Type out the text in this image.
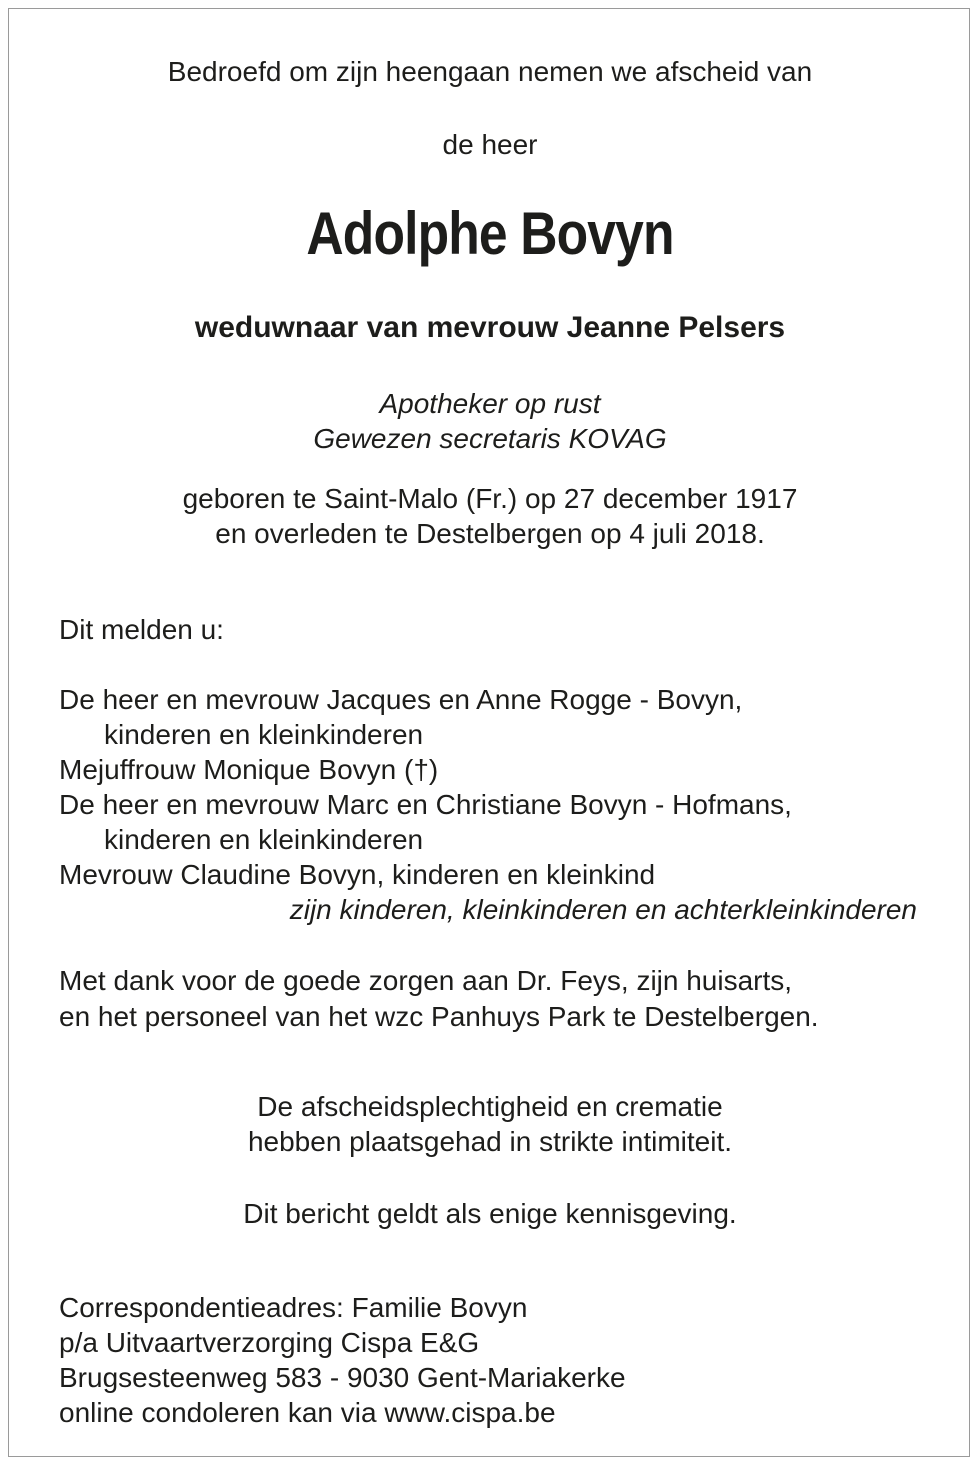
Bedroefd om zijn heengaan nemen we afscheid van

de heer

Adolphe Bovyn

weduwnaar van mevrouw Jeanne Pelsers

Apotheker op rust

Gewezen secretaris KOVAG

geboren te Saint-Malo (Fr.) op 27 december 1917

en overleden te Destelbergen op 4 juli 2018.

Dit melden u:

De heer en mevrouw Jacques en Anne Rogge - Bovyn,

kinderen en kleinkinderen

Mejuffrouw Monique Bovyn (†)

De heer en mevrouw Marc en Christiane Bovyn - Hofmans,

kinderen en kleinkinderen

Mevrouw Claudine Bovyn, kinderen en kleinkind

zijn kinderen, kleinkinderen en achterkleinkinderen

Met dank voor de goede zorgen aan Dr. Feys, zijn huisarts,

en het personeel van het wzc Panhuys Park te Destelbergen.

De afscheidsplechtigheid en crematie

hebben plaatsgehad in strikte intimiteit.

Dit bericht geldt als enige kennisgeving.

Correspondentieadres: Familie Bovyn

p/a Uitvaartverzorging Cispa E&G

Brugsesteenweg 583 - 9030 Gent-Mariakerke

online condoleren kan via www.cispa.be
